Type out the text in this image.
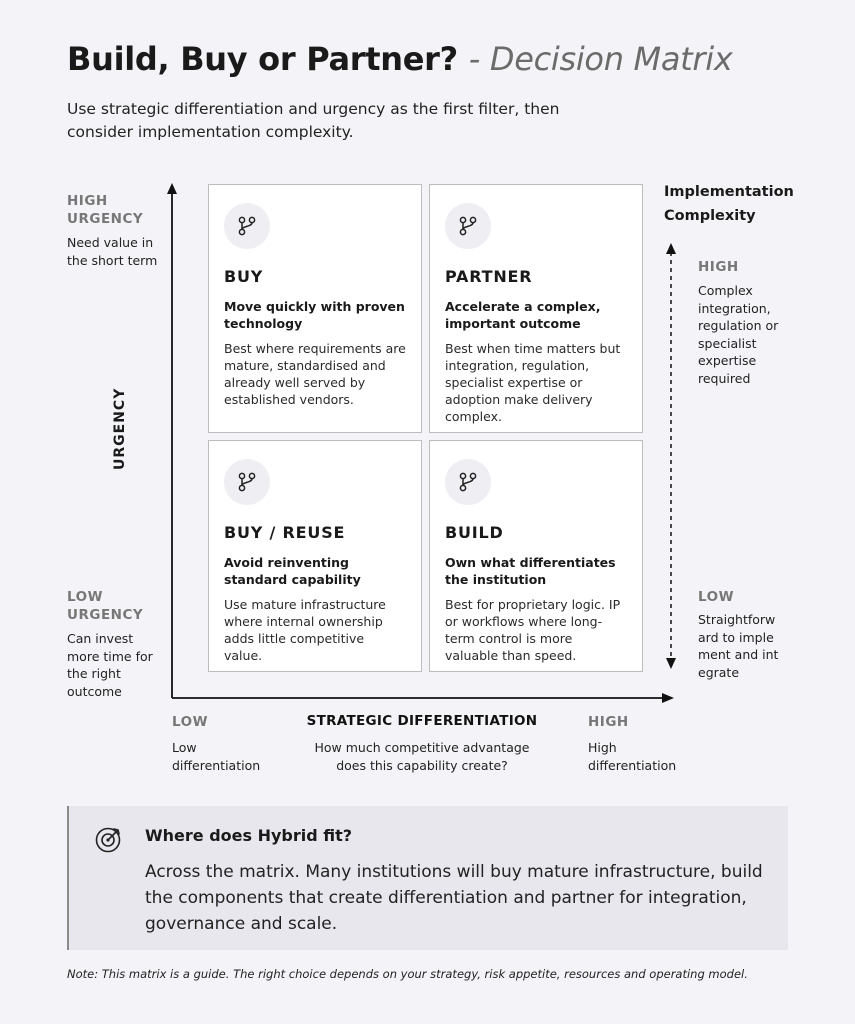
Build, Buy or Partner? - Decision Matrix
Use strategic differentiation and urgency as the first filter, then consider implementation complexity.
HIGH
URGENCY
Need value in the short term
URGENCY
LOW
URGENCY
Can invest more time for the right outcome
Implementation Complexity
HIGH
Complex integration, regulation or specialist expertise required
LOW
Straightforw ard to implement and integrate
LOW
Low differentiation
STRATEGIC DIFFERENTIATION
How much competitive advantage does this capability create?
HIGH
High differentiation
BUY
Move quickly with proven technology
Best where requirements are mature, standardised and already well served by established vendors.
PARTNER
Accelerate a complex, important outcome
Best when time matters but integration, regulation, specialist expertise or adoption make delivery complex.
BUY / REUSE
Avoid reinventing standard capability
Use mature infrastructure where internal ownership adds little competitive value.
BUILD
Own what differentiates the institution
Best for proprietary logic. IP or workflows where long-term control is more valuable than speed.
Where does Hybrid fit?
Across the matrix. Many institutions will buy mature infrastructure, build the components that create differentiation and partner for integration, governance and scale.
Note: This matrix is a guide. The right choice depends on your strategy, risk appetite, resources and operating model.
